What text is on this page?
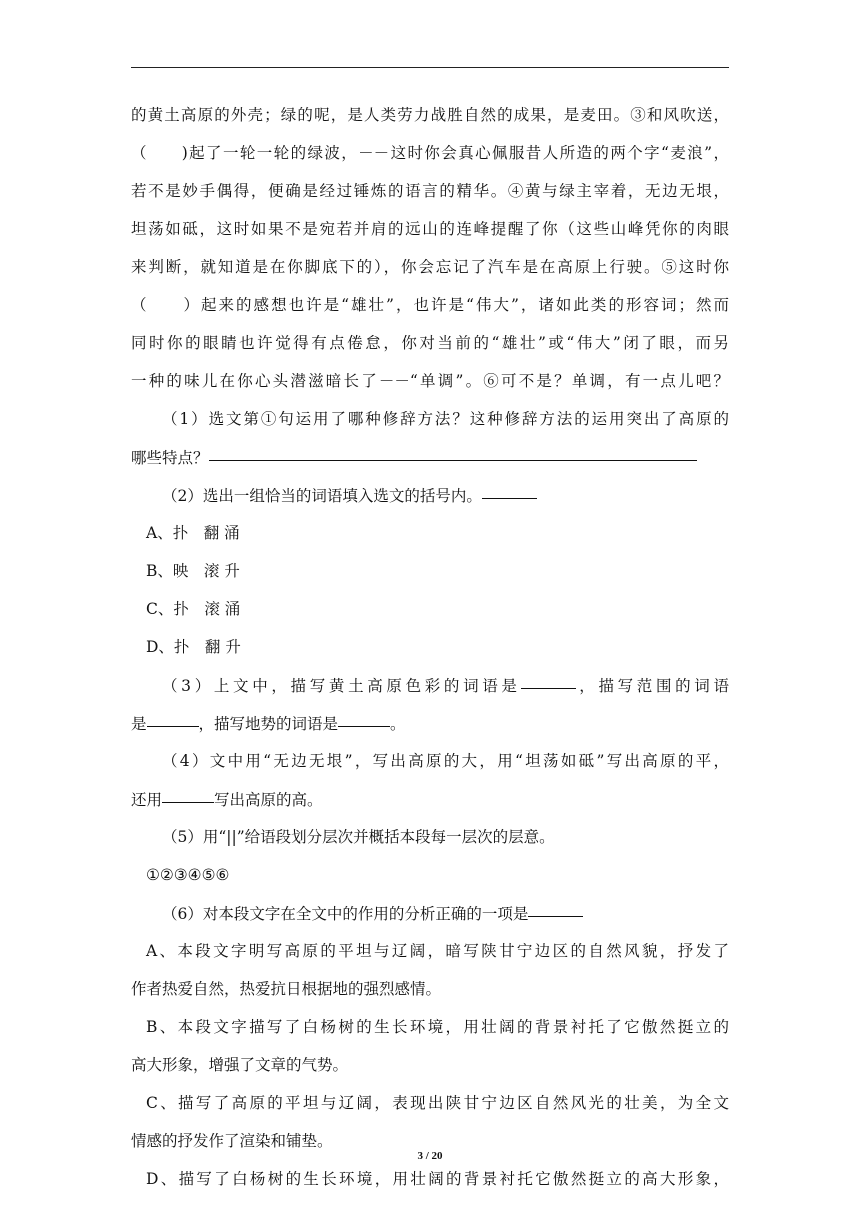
的黄土高原的外壳；绿的呢，是人类劳力战胜自然的成果，是麦田。③和风吹送，
（　　)起了一轮一轮的绿波，－－这时你会真心佩服昔人所造的两个字“麦浪”，
若不是妙手偶得，便确是经过锤炼的语言的精华。④黄与绿主宰着，无边无垠，
坦荡如砥，这时如果不是宛若并肩的远山的连峰提醒了你（这些山峰凭你的肉眼
来判断，就知道是在你脚底下的），你会忘记了汽车是在高原上行驶。⑤这时你
（　　）起来的感想也许是“雄壮”，也许是“伟大”，诸如此类的形容词；然而
同时你的眼睛也许觉得有点倦怠，你对当前的“雄壮”或“伟大”闭了眼，而另
一种的味儿在你心头潜滋暗长了－－“单调”。⑥可不是？单调，有一点儿吧？
（1）选文第①句运用了哪种修辞方法？这种修辞方法的运用突出了高原的
哪些特点？
（2）选出一组恰当的词语填入选文的括号内。
A、扑　翻 涌
B、映　滚 升
C、扑　滚 涌
D、扑　翻 升
（3）上文中，描写黄土高原色彩的词语是	，描写范围的词语
是	，描写地势的词语是	。
（4）文中用“无边无垠”，写出高原的大，用“坦荡如砥”写出高原的平，
还用	写出高原的高。
（5）用“||”给语段划分层次并概括本段每一层次的层意。
①②③④⑤⑥
（6）对本段文字在全文中的作用的分析正确的一项是
A、本段文字明写高原的平坦与辽阔，暗写陕甘宁边区的自然风貌，抒发了
作者热爱自然，热爱抗日根据地的强烈感情。
B、本段文字描写了白杨树的生长环境，用壮阔的背景衬托了它傲然挺立的
高大形象，增强了文章的气势。
C、描写了高原的平坦与辽阔，表现出陕甘宁边区自然风光的壮美，为全文
情感的抒发作了渲染和铺垫。
D、描写了白杨树的生长环境，用壮阔的背景衬托它傲然挺立的高大形象，
3 / 20
